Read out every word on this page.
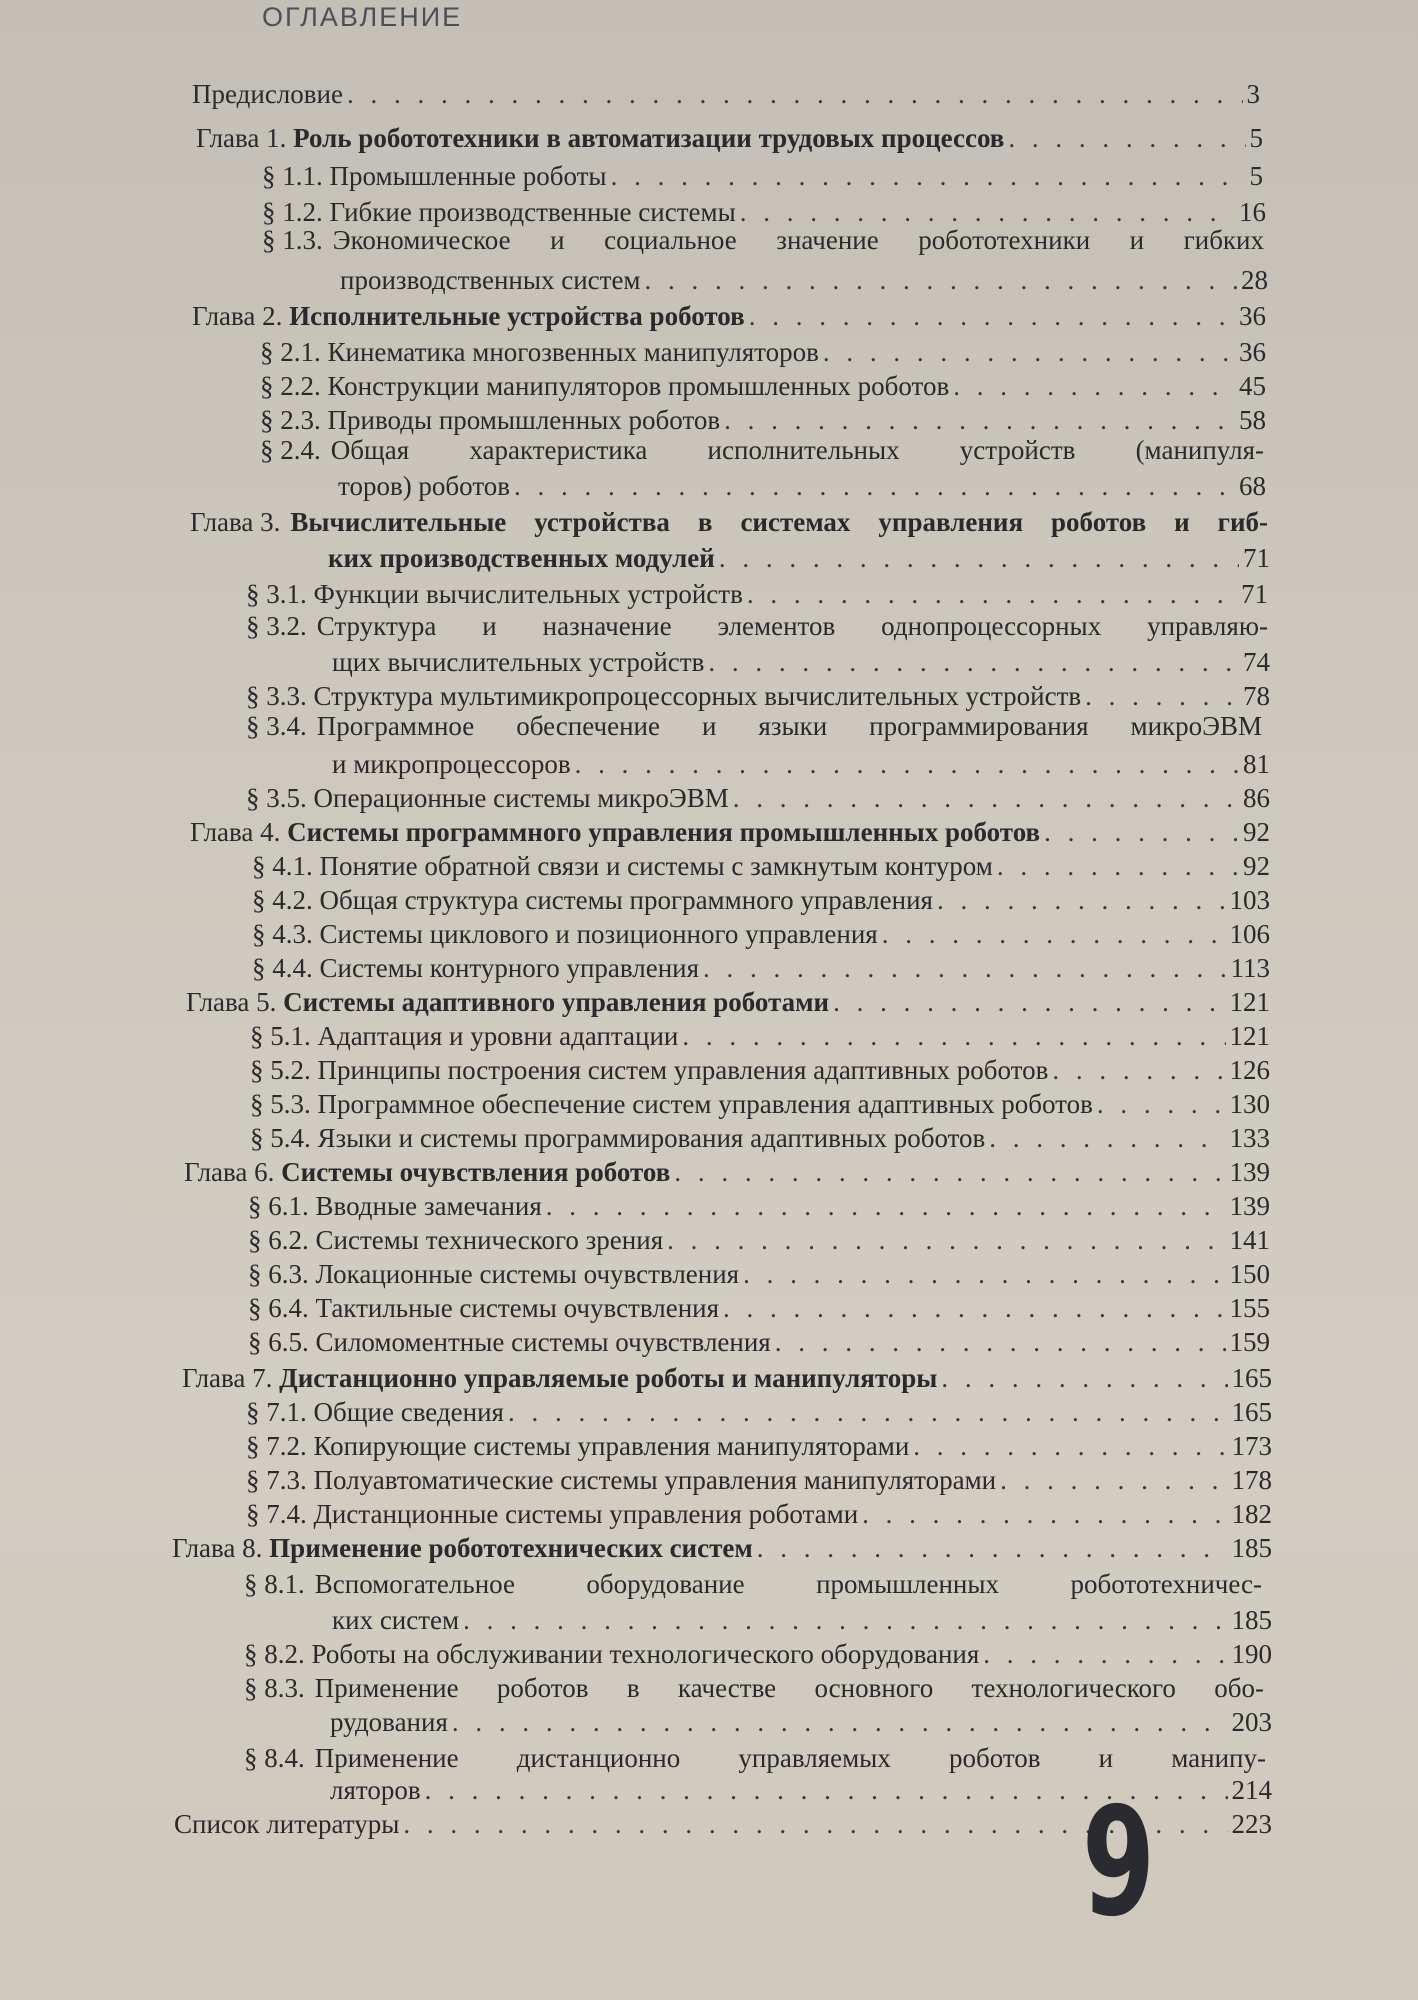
ОГЛАВЛЕНИЕ
Предисловие . . .	3
Глава 1. Роль робототехники в автоматизации трудовых процессов . . .	5
§ 1.1. Промышленные роботы . . .	5
§ 1.2. Гибкие производственные системы . . .	16
§ 1.3. Экономическое и социальное значение робототехники и гибких
производственных систем . . .	28
Глава 2. Исполнительные устройства роботов . . .	36
§ 2.1. Кинематика многозвенных манипуляторов . . .	36
§ 2.2. Конструкции манипуляторов промышленных роботов . . .	45
§ 2.3. Приводы промышленных роботов . . .	58
§ 2.4. Общая характеристика исполнительных устройств (манипуля-
торов) роботов . . .	68
Глава 3. Вычислительные устройства в системах управления роботов и гиб-
ких производственных модулей . . .	71
§ 3.1. Функции вычислительных устройств . . .	71
§ 3.2. Структура и назначение элементов однопроцессорных управляю-
щих вычислительных устройств . . .	74
§ 3.3. Структура мультимикропроцессорных вычислительных устройств . . .	78
§ 3.4. Программное обеспечение и языки программирования микроЭВМ
и микропроцессоров . . .	81
§ 3.5. Операционные системы микроЭВМ . . .	86
Глава 4. Системы программного управления промышленных роботов . . .	92
§ 4.1. Понятие обратной связи и системы с замкнутым контуром . . .	92
§ 4.2. Общая структура системы программного управления . . .	103
§ 4.3. Системы циклового и позиционного управления . . .	106
§ 4.4. Системы контурного управления . . .	113
Глава 5. Системы адаптивного управления роботами . . .	121
§ 5.1. Адаптация и уровни адаптации . . .	121
§ 5.2. Принципы построения систем управления адаптивных роботов . . .	126
§ 5.3. Программное обеспечение систем управления адаптивных роботов . . .	130
§ 5.4. Языки и системы программирования адаптивных роботов . . .	133
Глава 6. Системы очувствления роботов . . .	139
§ 6.1. Вводные замечания . . .	139
§ 6.2. Системы технического зрения . . .	141
§ 6.3. Локационные системы очувствления . . .	150
§ 6.4. Тактильные системы очувствления . . .	155
§ 6.5. Силомоментные системы очувствления . . .	159
Глава 7. Дистанционно управляемые роботы и манипуляторы . . .	165
§ 7.1. Общие сведения . . .	165
§ 7.2. Копирующие системы управления манипуляторами . . .	173
§ 7.3. Полуавтоматические системы управления манипуляторами . . .	178
§ 7.4. Дистанционные системы управления роботами . . .	182
Глава 8. Применение робототехнических систем . . .	185
§ 8.1. Вспомогательное оборудование промышленных робототехничес-
ких систем . . .	185
§ 8.2. Роботы на обслуживании технологического оборудования . . .	190
§ 8.3. Применение роботов в качестве основного технологического обо-
рудования . . .	203
§ 8.4. Применение дистанционно управляемых роботов и манипу-
ляторов . . .	214
Список литературы . . .	223
9
